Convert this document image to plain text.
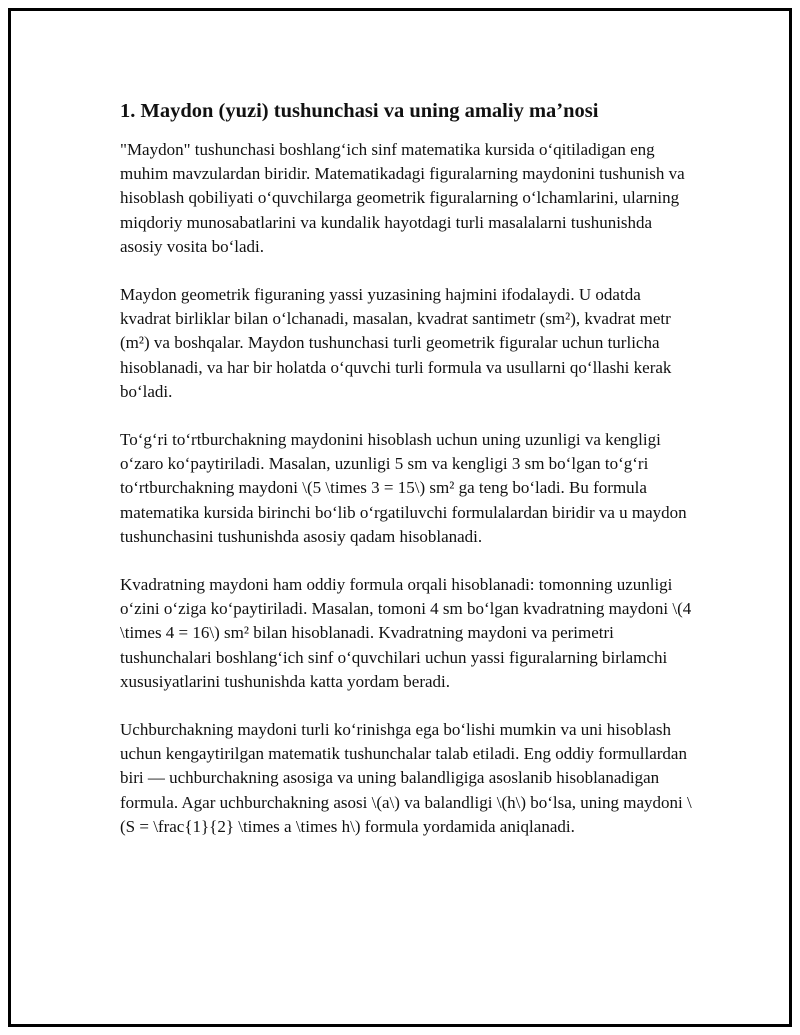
1. Maydon (yuzi) tushunchasi va uning amaliy maʼnosi

"Maydon" tushunchasi boshlangʻich sinf matematika kursida oʻqitiladigan eng muhim mavzulardan biridir. Matematikadagi figuralarning maydonini tushunish va hisoblash qobiliyati oʻquvchilarga geometrik figuralarning oʻlchamlarini, ularning miqdoriy munosabatlarini va kundalik hayotdagi turli masalalarni tushunishda asosiy vosita boʻladi.

Maydon geometrik figuraning yassi yuzasining hajmini ifodalaydi. U odatda kvadrat birliklar bilan oʻlchanadi, masalan, kvadrat santimetr (sm²), kvadrat metr (m²) va boshqalar. Maydon tushunchasi turli geometrik figuralar uchun turlicha hisoblanadi, va har bir holatda oʻquvchi turli formula va usullarni qoʻllashi kerak boʻladi.

Toʻgʻri toʻrtburchakning maydonini hisoblash uchun uning uzunligi va kengligi oʻzaro koʻpaytiriladi. Masalan, uzunligi 5 sm va kengligi 3 sm boʻlgan toʻgʻri toʻrtburchakning maydoni \(5 \times 3 = 15\) sm² ga teng boʻladi. Bu formula matematika kursida birinchi boʻlib oʻrgatiluvchi formulalardan biridir va u maydon tushunchasini tushunishda asosiy qadam hisoblanadi.

Kvadratning maydoni ham oddiy formula orqali hisoblanadi: tomonning uzunligi oʻzini oʻziga koʻpaytiriladi. Masalan, tomoni 4 sm boʻlgan kvadratning maydoni \(4 \times 4 = 16\) sm² bilan hisoblanadi. Kvadratning maydoni va perimetri tushunchalari boshlangʻich sinf oʻquvchilari uchun yassi figuralarning birlamchi xususiyatlarini tushunishda katta yordam beradi.

Uchburchakning maydoni turli koʻrinishga ega boʻlishi mumkin va uni hisoblash uchun kengaytirilgan matematik tushunchalar talab etiladi. Eng oddiy formullardan biri — uchburchakning asosiga va uning balandligiga asoslanib hisoblanadigan formula. Agar uchburchakning asosi \(a\) va balandligi \(h\) boʻlsa, uning maydoni \(S = \frac{1}{2} \times a \times h\) formula yordamida aniqlanadi.
